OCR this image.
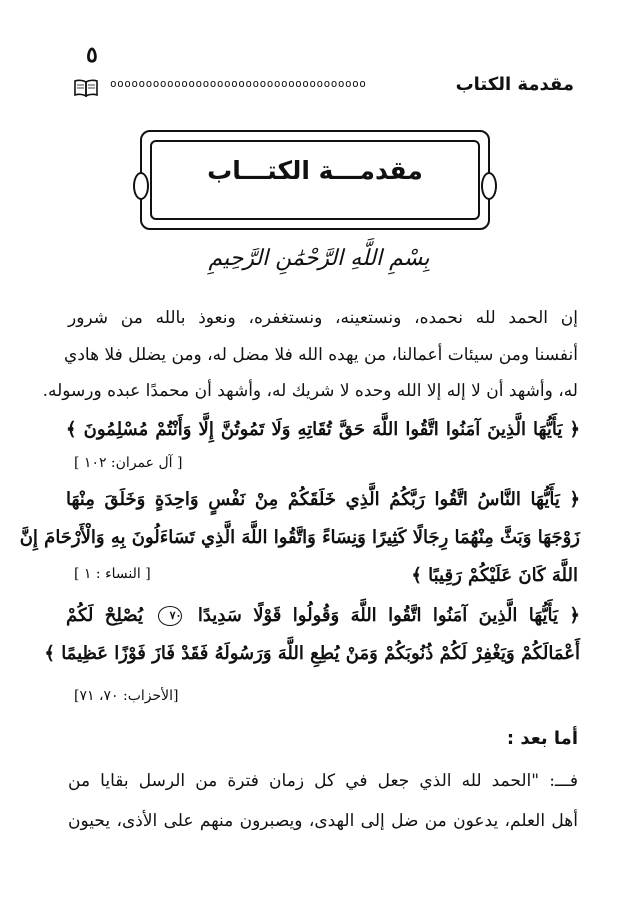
٥
oooooooooooooooooooooooooooooooooooo	مقدمة الكتاب
مقدمـــة الكتـــاب
بِسْمِ اللَّهِ الرَّحْمَٰنِ الرَّحِيمِ
إن الحمد لله نحمده، ونستعينه، ونستغفره، ونعوذ بالله من شرور
أنفسنا ومن سيئات أعمالنا، من يهده الله فلا مضل له، ومن يضلل فلا هادي
له، وأشهد أن لا إله إلا الله وحده لا شريك له، وأشهد أن محمدًا عبده ورسوله.
﴿ يَأَيُّهَا الَّذِينَ آمَنُوا اتَّقُوا اللَّهَ حَقَّ تُقَاتِهِ وَلَا تَمُوتُنَّ إِلَّا وَأَنْتُمْ مُسْلِمُونَ ﴾
[ آل عمران: ١٠٢ ]
﴿ يَأَيُّهَا النَّاسُ اتَّقُوا رَبَّكُمُ الَّذِي خَلَقَكُمْ مِنْ نَفْسٍ وَاحِدَةٍ وَخَلَقَ مِنْهَا
زَوْجَهَا وَبَثَّ مِنْهُمَا رِجَالًا كَثِيرًا وَنِسَاءً وَاتَّقُوا اللَّهَ الَّذِي تَسَاءَلُونَ بِهِ وَالْأَرْحَامَ إِنَّ
اللَّهَ كَانَ عَلَيْكُمْ رَقِيبًا ﴾
[ النساء : ١ ]
﴿ يَأَيُّهَا الَّذِينَ آمَنُوا اتَّقُوا اللَّهَ وَقُولُوا قَوْلًا سَدِيدًا ٧٠ يُصْلِحْ لَكُمْ
أَعْمَالَكُمْ وَيَغْفِرْ لَكُمْ ذُنُوبَكُمْ وَمَنْ يُطِعِ اللَّهَ وَرَسُولَهُ فَقَدْ فَازَ فَوْزًا عَظِيمًا ﴾
[الأحزاب: ٧٠، ٧١]
أما بعد :
فـــ: "الحمد لله الذي جعل في كل زمان فترة من الرسل بقايا من
أهل العلم، يدعون من ضل إلى الهدى، ويصبرون منهم على الأذى، يحيون
